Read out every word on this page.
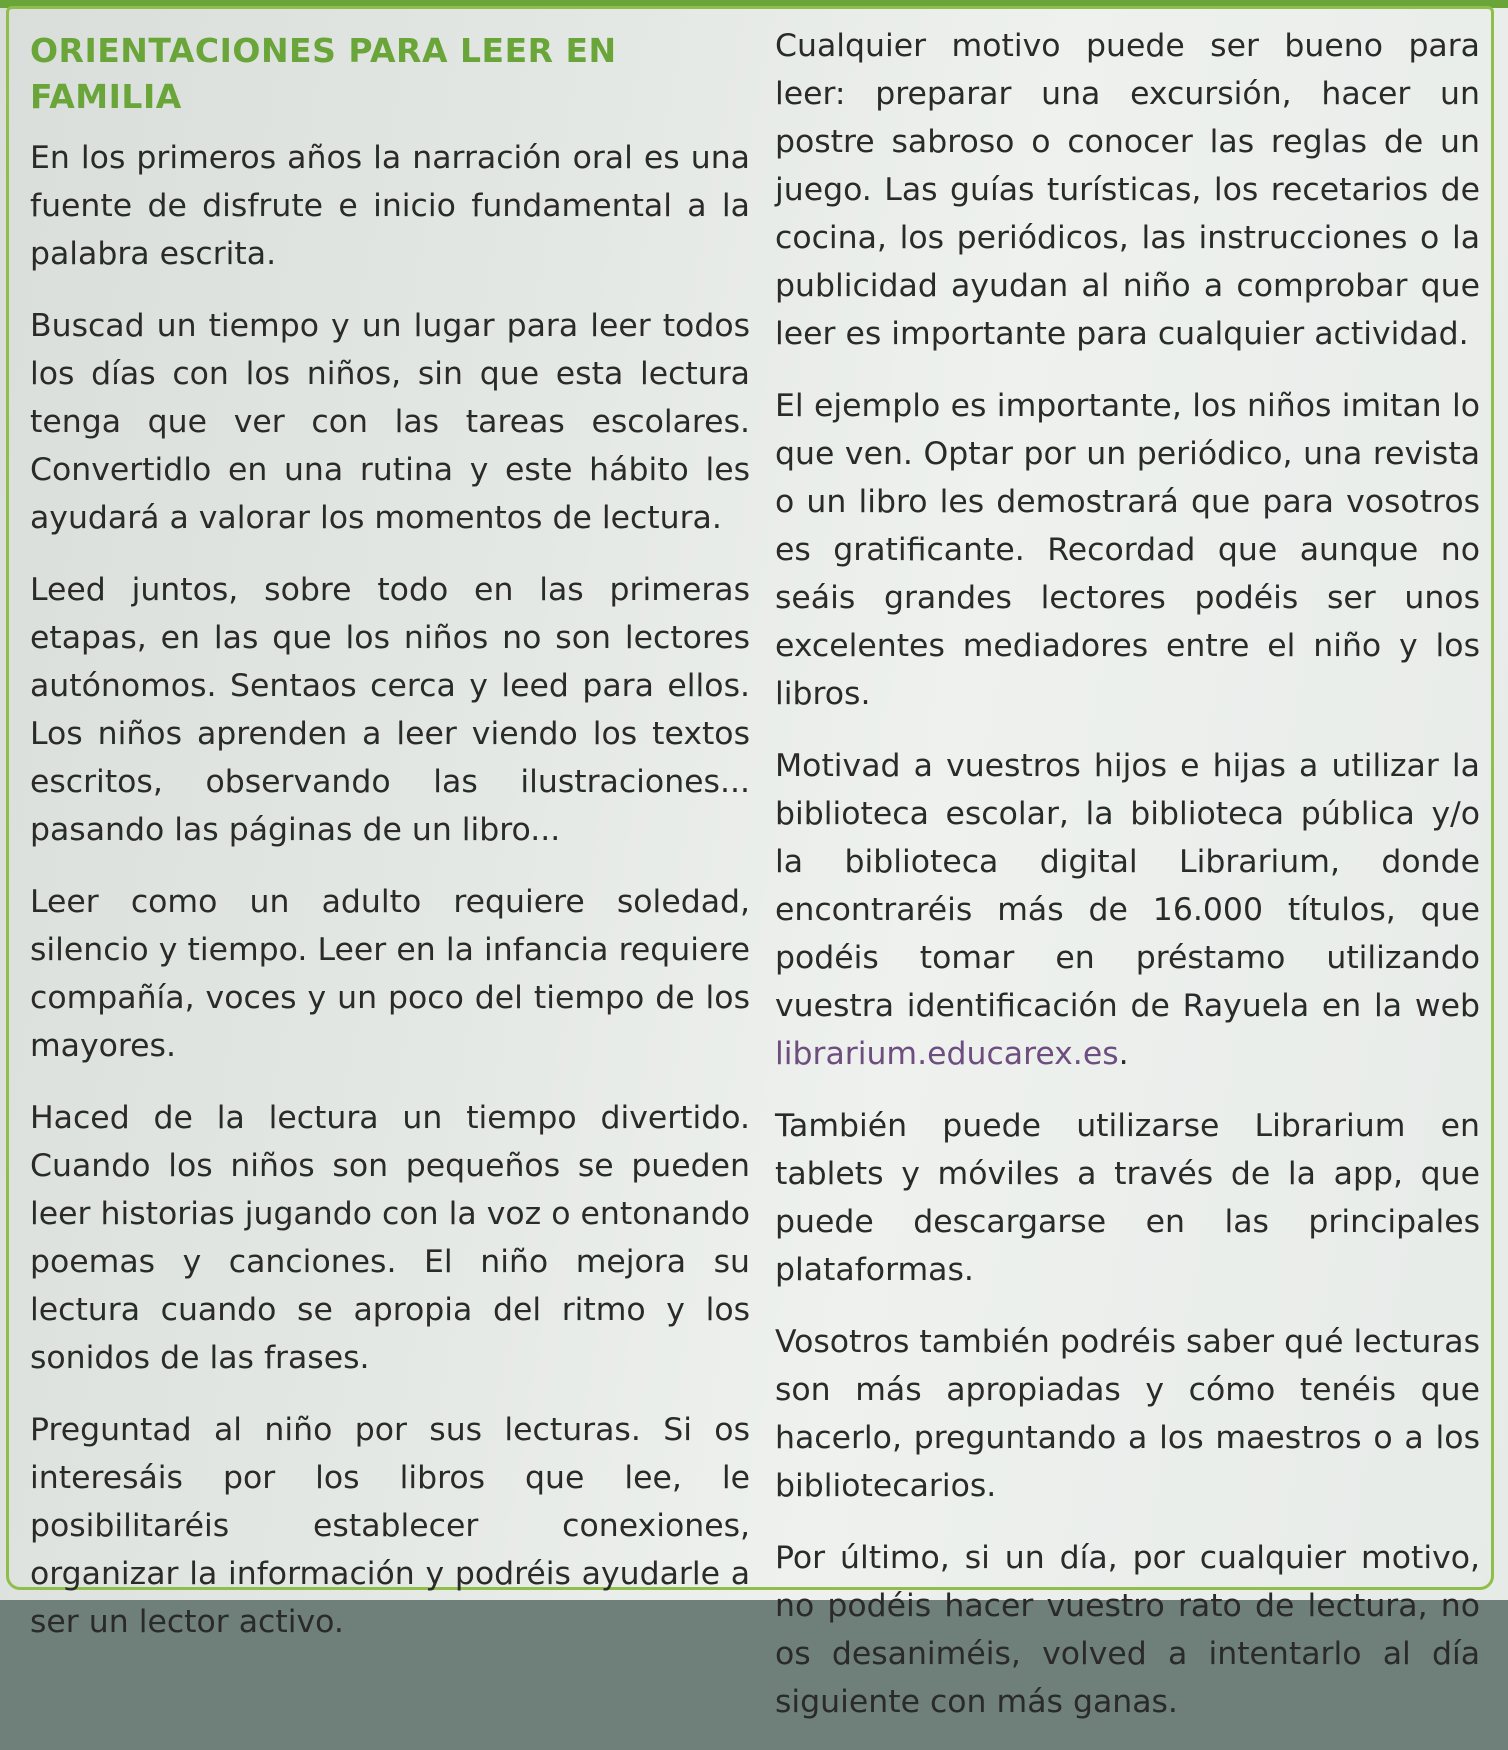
ORIENTACIONES PARA LEER EN FAMILIA

En los primeros años la narración oral es una fuente de disfrute e inicio fundamental a la palabra escrita.

Buscad un tiempo y un lugar para leer todos los días con los niños, sin que esta lectura tenga que ver con las tareas escolares. Convertidlo en una rutina y este hábito les ayudará a valorar los momentos de lectura.

Leed juntos, sobre todo en las primeras etapas, en las que los niños no son lectores autónomos. Sentaos cerca y leed para ellos. Los niños aprenden a leer viendo los textos escritos, observando las ilustraciones... pasando las páginas de un libro...

Leer como un adulto requiere soledad, silencio y tiempo. Leer en la infancia requiere compañía, voces y un poco del tiempo de los mayores.

Haced de la lectura un tiempo divertido. Cuando los niños son pequeños se pueden leer historias jugando con la voz o entonando poemas y canciones. El niño mejora su lectura cuando se apropia del ritmo y los sonidos de las frases.

Preguntad al niño por sus lecturas. Si os interesáis por los libros que lee, le posibilitaréis establecer conexiones, organizar la información y podréis ayudarle a ser un lector activo.

Cualquier motivo puede ser bueno para leer: preparar una excursión, hacer un postre sabroso o conocer las reglas de un juego. Las guías turísticas, los recetarios de cocina, los periódicos, las instrucciones o la publicidad ayudan al niño a comprobar que leer es importante para cualquier actividad.

El ejemplo es importante, los niños imitan lo que ven. Optar por un periódico, una revista o un libro les demostrará que para vosotros es gratificante. Recordad que aunque no seáis grandes lectores podéis ser unos excelentes mediadores entre el niño y los libros.

Motivad a vuestros hijos e hijas a utilizar la biblioteca escolar, la biblioteca pública y/o la biblioteca digital Librarium, donde encontraréis más de 16.000 títulos, que podéis tomar en préstamo utilizando vuestra identificación de Rayuela en la web librarium.educarex.es.

También puede utilizarse Librarium en tablets y móviles a través de la app, que puede descargarse en las principales plataformas.

Vosotros también podréis saber qué lecturas son más apropiadas y cómo tenéis que hacerlo, preguntando a los maestros o a los bibliotecarios.

Por último, si un día, por cualquier motivo, no podéis hacer vuestro rato de lectura, no os desaniméis, volved a intentarlo al día siguiente con más ganas.
